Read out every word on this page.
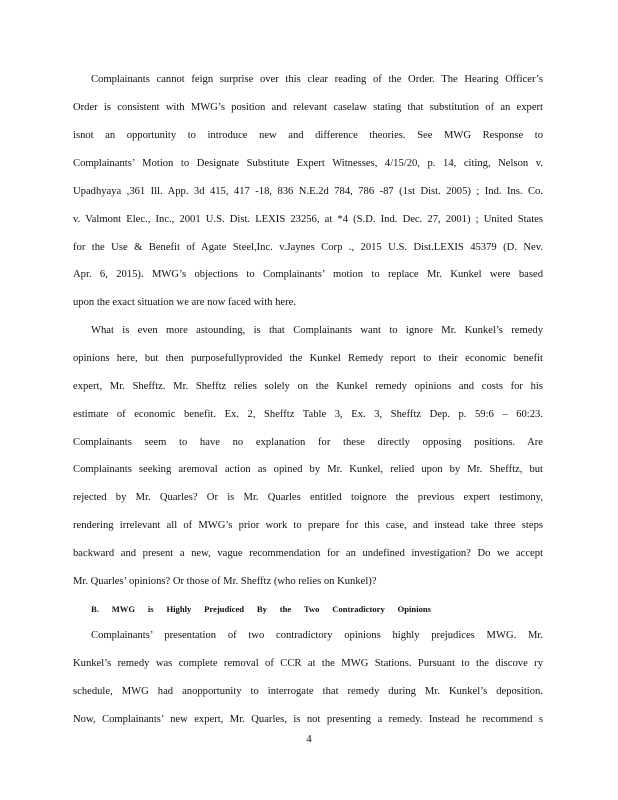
Complainants cannot feign surprise over this clear reading of the Order. The Hearing Officer’s
Order is consistent with MWG’s position and relevant caselaw stating that substitution of an expert
isnot an opportunity to introduce new and difference theories. See MWG Response to
Complainants’ Motion to Designate Substitute Expert Witnesses, 4/15/20, p. 14, citing, Nelson v.
Upadhyaya ,361 Ill. App. 3d 415, 417 -18, 836 N.E.2d 784, 786 -87 (1st Dist. 2005) ; Ind. Ins. Co.
v. Valmont Elec., Inc., 2001 U.S. Dist. LEXIS 23256, at *4 (S.D. Ind. Dec. 27, 2001) ; United States
for the Use & Benefit of Agate Steel,Inc. v.Jaynes Corp ., 2015 U.S. Dist.LEXIS 45379 (D. Nev.
Apr. 6, 2015). MWG’s objections to Complainants’ motion to replace Mr. Kunkel were based
upon the exact situation we are now faced with here.
What is even more astounding, is that Complainants want to ignore Mr. Kunkel’s remedy
opinions here, but then purposefullyprovided the Kunkel Remedy report to their economic benefit
expert, Mr. Shefftz. Mr. Shefftz relies solely on the Kunkel remedy opinions and costs for his
estimate of economic benefit. Ex. 2, Shefftz Table 3, Ex. 3, Shefftz Dep. p. 59:6 – 60:23.
Complainants seem to have no explanation for these directly opposing positions. Are
Complainants seeking aremoval action as opined by Mr. Kunkel, relied upon by Mr. Shefftz, but
rejected by Mr. Quarles? Or is Mr. Quarles entitled toignore the previous expert testimony,
rendering irrelevant all of MWG’s prior work to prepare for this case, and instead take three steps
backward and present a new, vague recommendation for an undefined investigation? Do we accept
Mr. Quarles’ opinions? Or those of Mr. Shefftz (who relies on Kunkel)?
B. MWG is Highly Prejudiced By the Two Contradictory Opinions
Complainants’ presentation of two contradictory opinions highly prejudices MWG. Mr.
Kunkel’s remedy was complete removal of CCR at the MWG Stations. Pursuant to the discove ry
schedule, MWG had anopportunity to interrogate that remedy during Mr. Kunkel’s deposition.
Now, Complainants’ new expert, Mr. Quarles, is not presenting a remedy. Instead he recommend s
4
